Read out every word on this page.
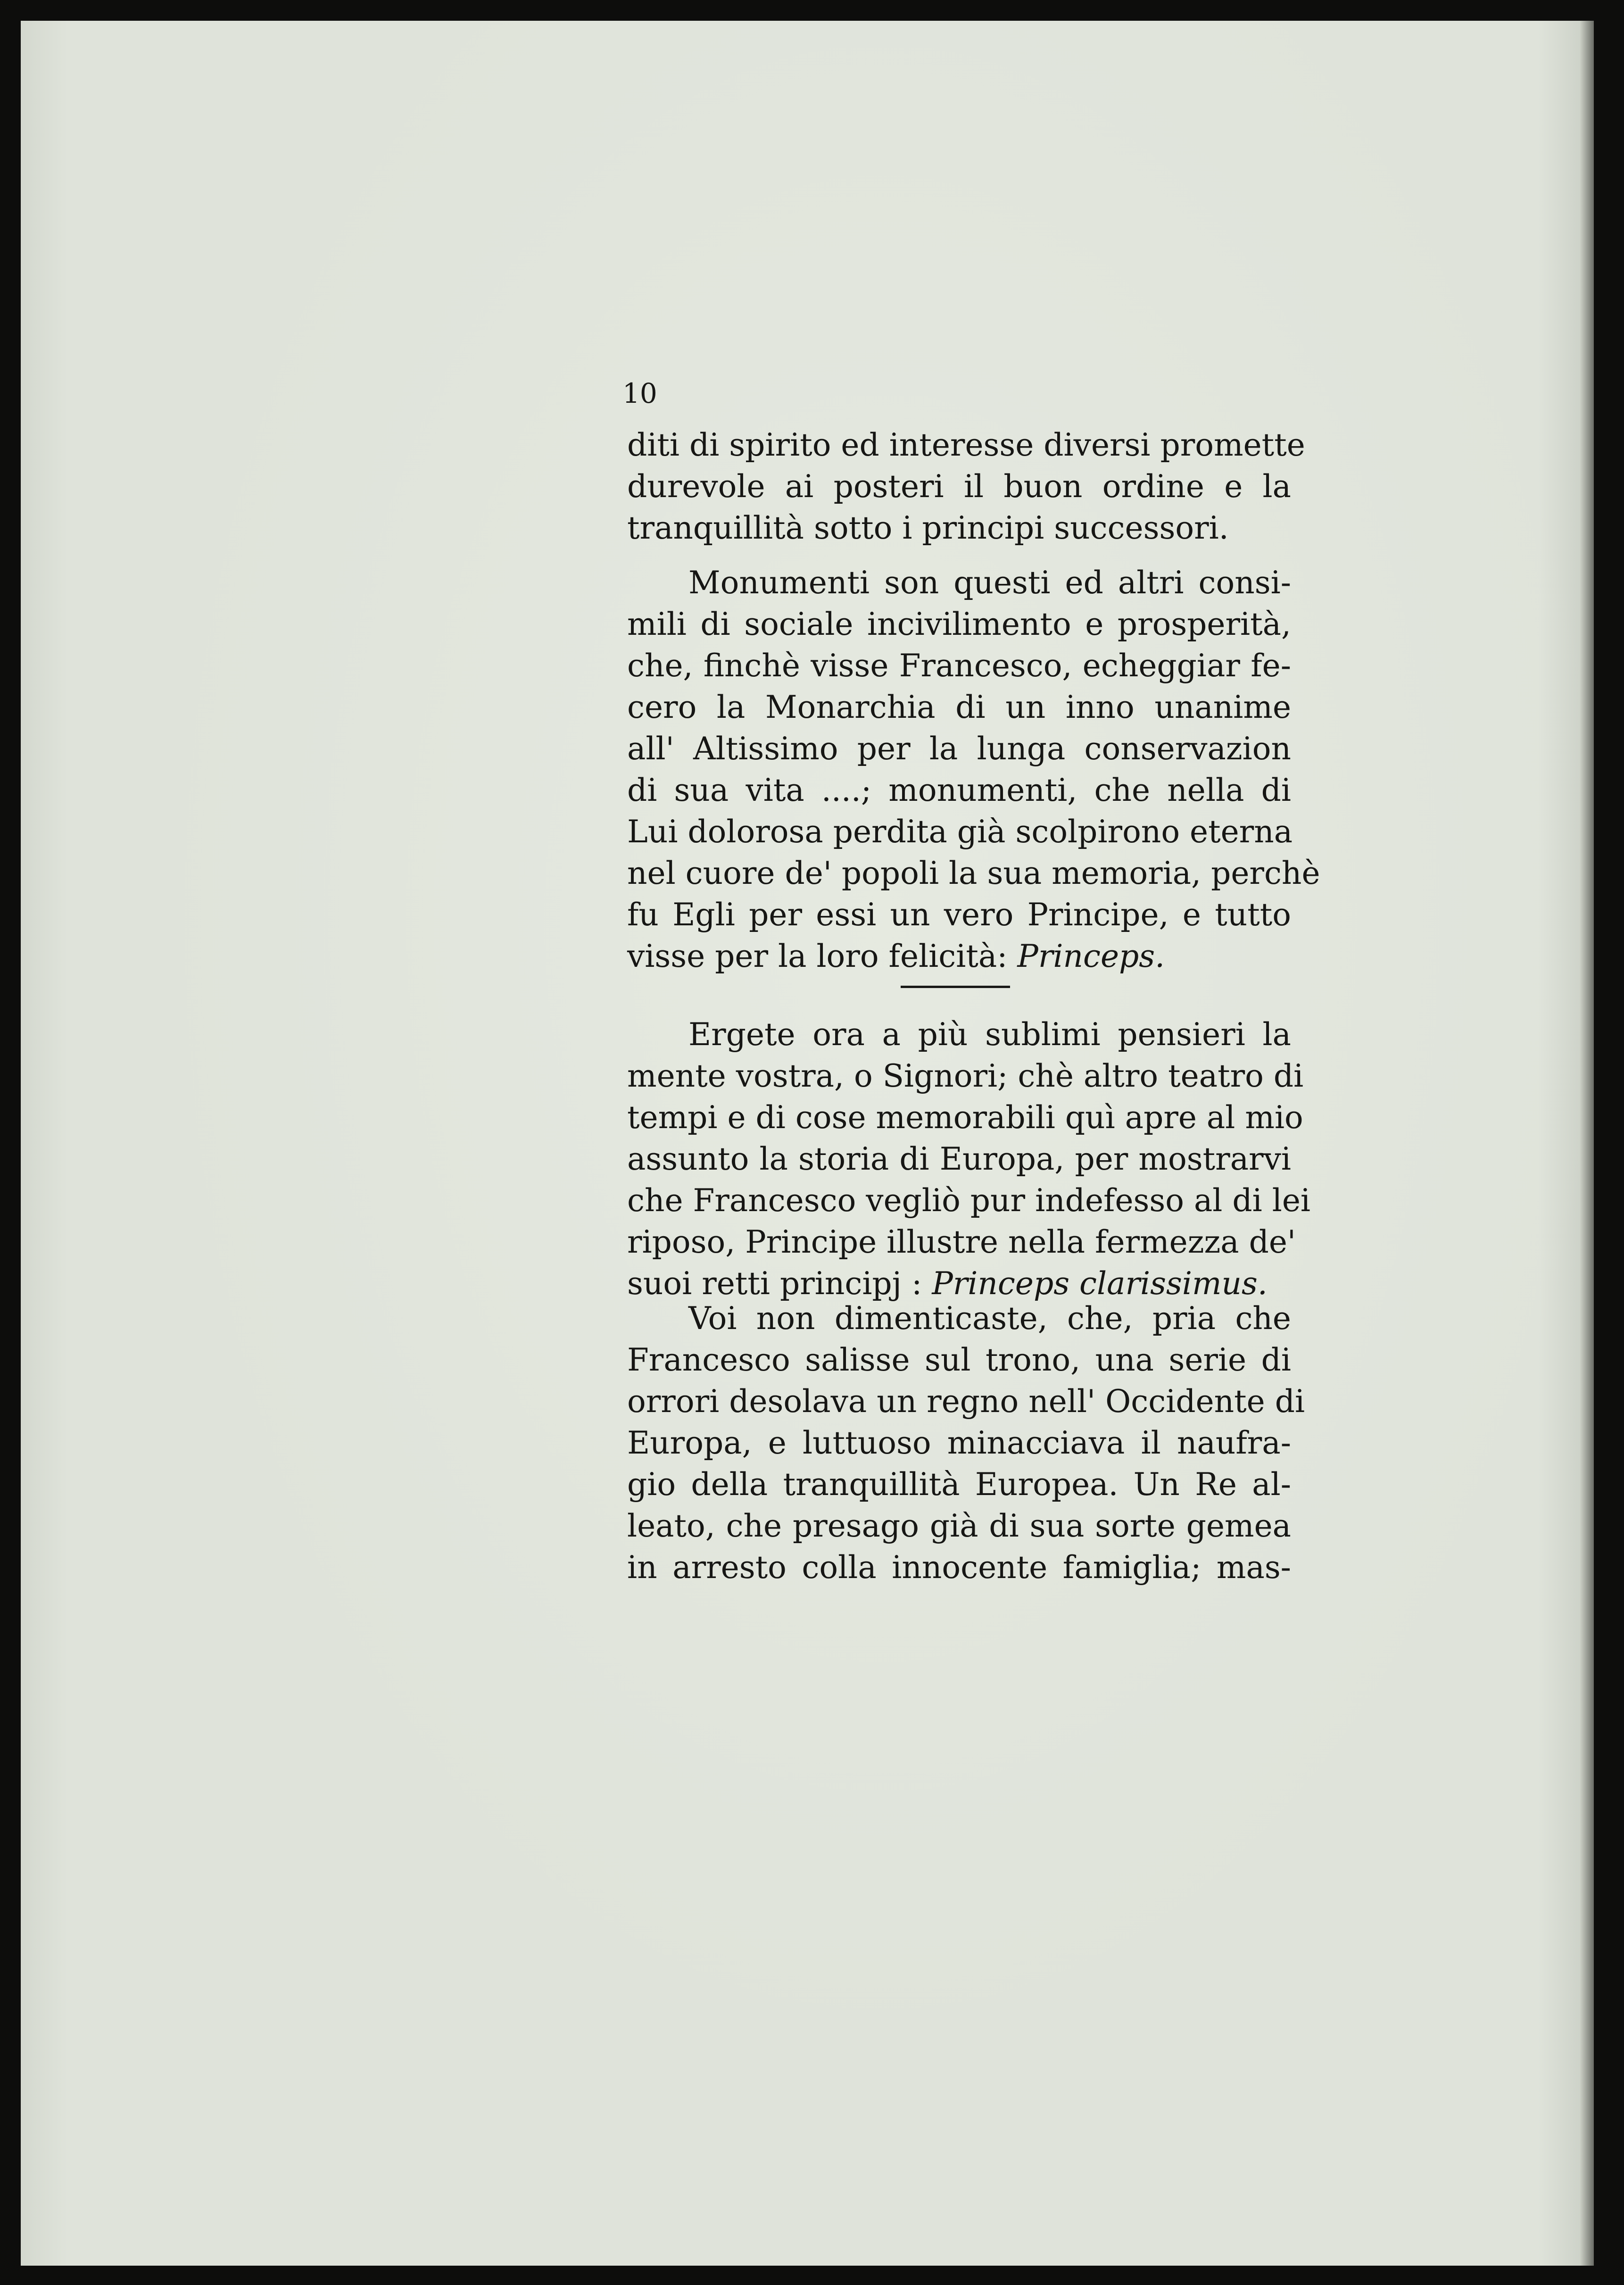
10
diti di spirito ed interesse diversi promette
durevole ai posteri il buon ordine e la
tranquillità sotto i principi successori.
Monumenti son questi ed altri consi-
mili di sociale incivilimento e prosperità,
che, finchè visse Francesco, echeggiar fe-
cero la Monarchia di un inno unanime
all' Altissimo per la lunga conservazion
di sua vita ....; monumenti, che nella di
Lui dolorosa perdita già scolpirono eterna
nel cuore de' popoli la sua memoria, perchè
fu Egli per essi un vero Principe, e tutto
visse per la loro felicità: Princeps.
Ergete ora a più sublimi pensieri la
mente vostra, o Signori; chè altro teatro di
tempi e di cose memorabili quì apre al mio
assunto la storia di Europa, per mostrarvi
che Francesco vegliò pur indefesso al di lei
riposo, Principe illustre nella fermezza de'
suoi retti principj : Princeps clarissimus.
Voi non dimenticaste, che, pria che
Francesco salisse sul trono, una serie di
orrori desolava un regno nell' Occidente di
Europa, e luttuoso minacciava il naufra-
gio della tranquillità Europea. Un Re al-
leato, che presago già di sua sorte gemea
in arresto colla innocente famiglia; mas-
